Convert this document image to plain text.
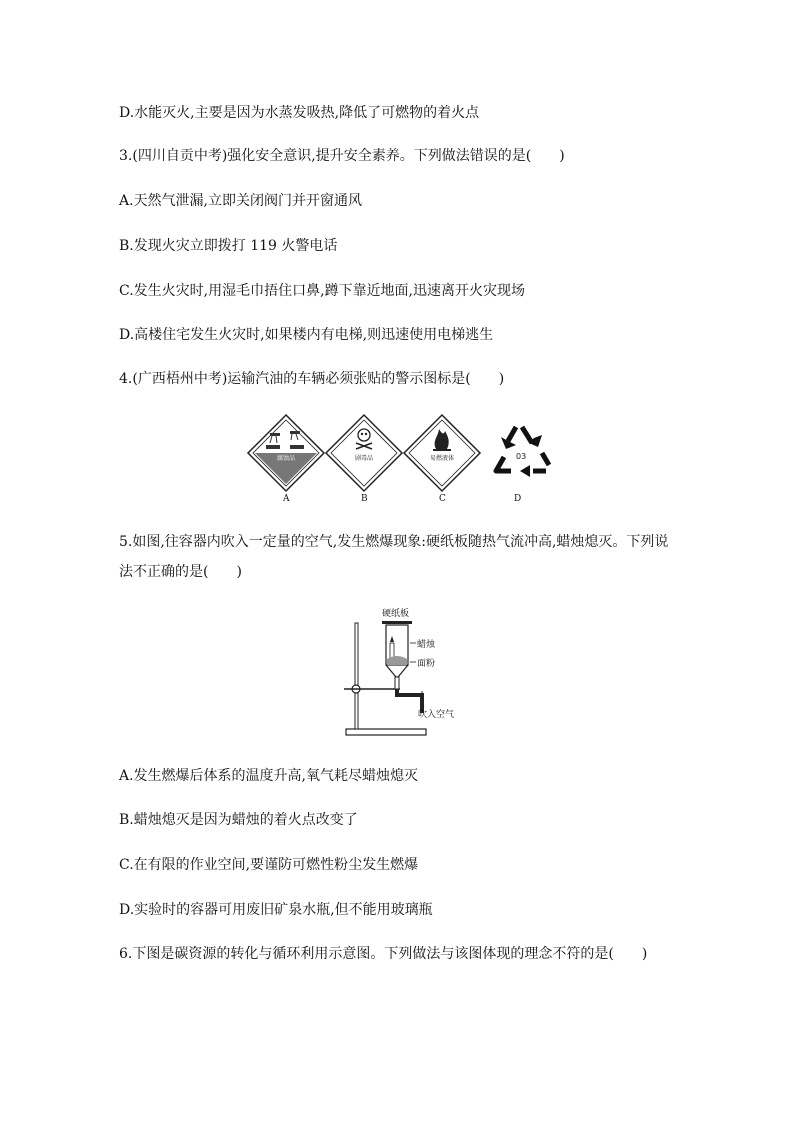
D.水能灭火,主要是因为水蒸发吸热,降低了可燃物的着火点
3.(四川自贡中考)强化安全意识,提升安全素养。下列做法错误的是(　　)
A.天然气泄漏,立即关闭阀门并开窗通风
B.发现火灾立即拨打 119 火警电话
C.发生火灾时,用湿毛巾捂住口鼻,蹲下靠近地面,迅速离开火灾现场
D.高楼住宅发生火灾时,如果楼内有电梯,则迅速使用电梯逃生
4.(广西梧州中考)运输汽油的车辆必须张贴的警示图标是(　　)
剧毒品	易燃液体
腐蚀品	03
A	B	C	D
5.如图,往容器内吹入一定量的空气,发生燃爆现象:硬纸板随热气流冲高,蜡烛熄灭。下列说
法不正确的是(　　)
硬纸板
蜡烛
面粉
吹入空气
A.发生燃爆后体系的温度升高,氧气耗尽蜡烛熄灭
B.蜡烛熄灭是因为蜡烛的着火点改变了
C.在有限的作业空间,要谨防可燃性粉尘发生燃爆
D.实验时的容器可用废旧矿泉水瓶,但不能用玻璃瓶
6.下图是碳资源的转化与循环利用示意图。下列做法与该图体现的理念不符的是(　　)
